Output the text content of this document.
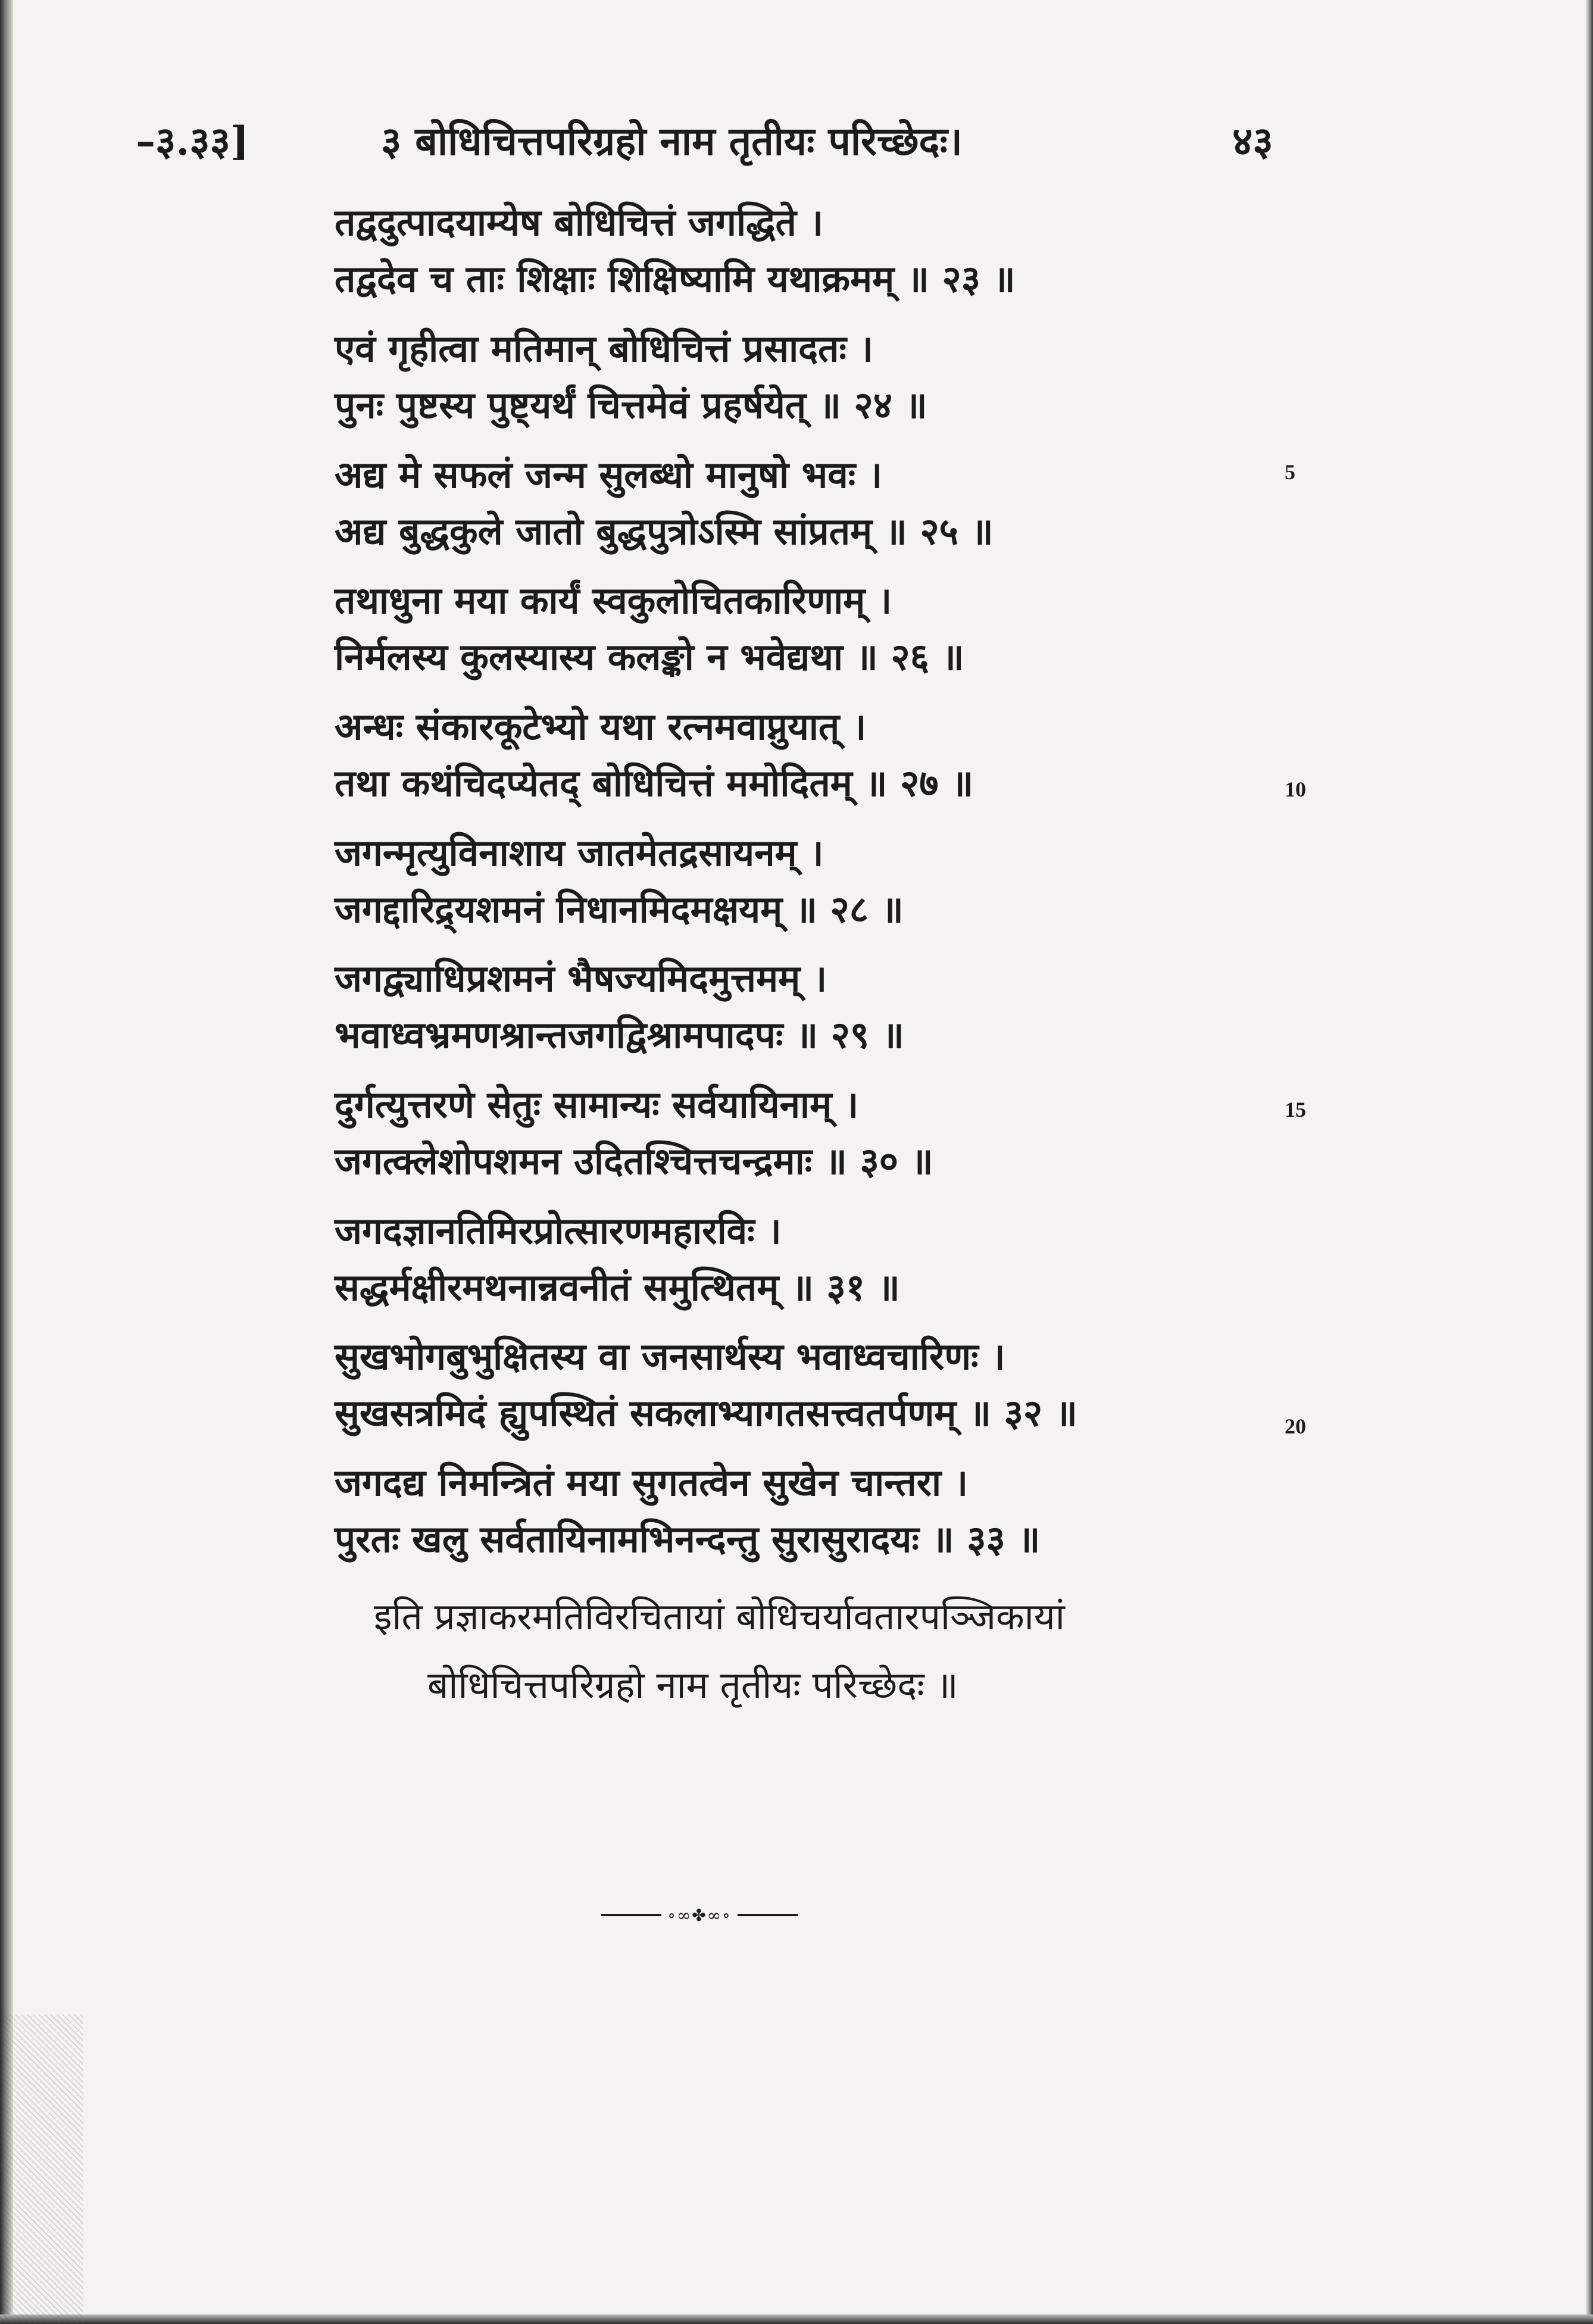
–३.३३]	३ बोधिचित्तपरिग्रहो नाम तृतीयः परिच्छेदः।	४३
तद्वदुत्पादयाम्येष बोधिचित्तं जगद्धिते ।
तद्वदेव च ताः शिक्षाः शिक्षिष्यामि यथाक्रमम् ॥ २३ ॥
एवं गृहीत्वा मतिमान् बोधिचित्तं प्रसादतः ।
पुनः पुष्टस्य पुष्ट्यर्थं चित्तमेवं प्रहर्षयेत् ॥ २४ ॥
अद्य मे सफलं जन्म सुलब्धो मानुषो भवः ।
अद्य बुद्धकुले जातो बुद्धपुत्रोऽस्मि सांप्रतम् ॥ २५ ॥
तथाधुना मया कार्यं स्वकुलोचितकारिणाम् ।
निर्मलस्य कुलस्यास्य कलङ्को न भवेद्यथा ॥ २६ ॥
अन्धः संकारकूटेभ्यो यथा रत्नमवाप्नुयात् ।
तथा कथंचिदप्येतद् बोधिचित्तं ममोदितम् ॥ २७ ॥
जगन्मृत्युविनाशाय जातमेतद्रसायनम् ।
जगद्दारिद्र्यशमनं निधानमिदमक्षयम् ॥ २८ ॥
जगद्व्याधिप्रशमनं भैषज्यमिदमुत्तमम् ।
भवाध्वभ्रमणश्रान्तजगद्विश्रामपादपः ॥ २९ ॥
दुर्गत्युत्तरणे सेतुः सामान्यः सर्वयायिनाम् ।
जगत्क्लेशोपशमन उदितश्चित्तचन्द्रमाः ॥ ३० ॥
जगदज्ञानतिमिरप्रोत्सारणमहारविः ।
सद्धर्मक्षीरमथनान्नवनीतं समुत्थितम् ॥ ३१ ॥
सुखभोगबुभुक्षितस्य वा जनसार्थस्य भवाध्वचारिणः ।
सुखसत्रमिदं ह्युपस्थितं सकलाभ्यागतसत्त्वतर्पणम् ॥ ३२ ॥
जगदद्य निमन्त्रितं मया सुगतत्वेन सुखेन चान्तरा ।
पुरतः खलु सर्वतायिनामभिनन्दन्तु सुरासुरादयः ॥ ३३ ॥
5
10
15
20
इति प्रज्ञाकरमतिविरचितायां बोधिचर्यावतारपञ्जिकायां
बोधिचित्तपरिग्रहो नाम तृतीयः परिच्छेदः ॥
∘∞✤∞∘
